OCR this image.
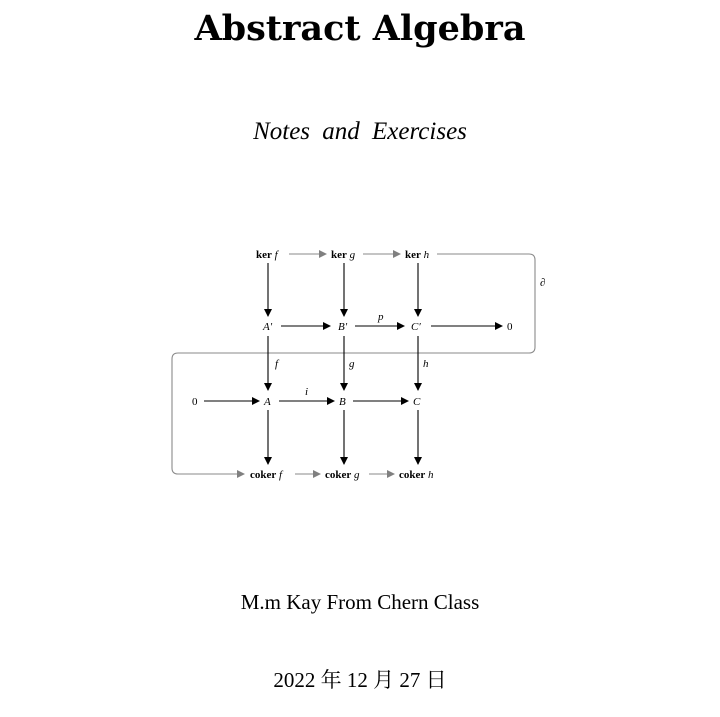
Abstract Algebra
Notes and Exercises
∂
ker f	ker g	ker h
A′	B′	C′	0
p
f	g	h
0	A	B	C
i
coker f	coker g	coker h
M.m Kay From Chern Class
2022 年 12 月 27 日
